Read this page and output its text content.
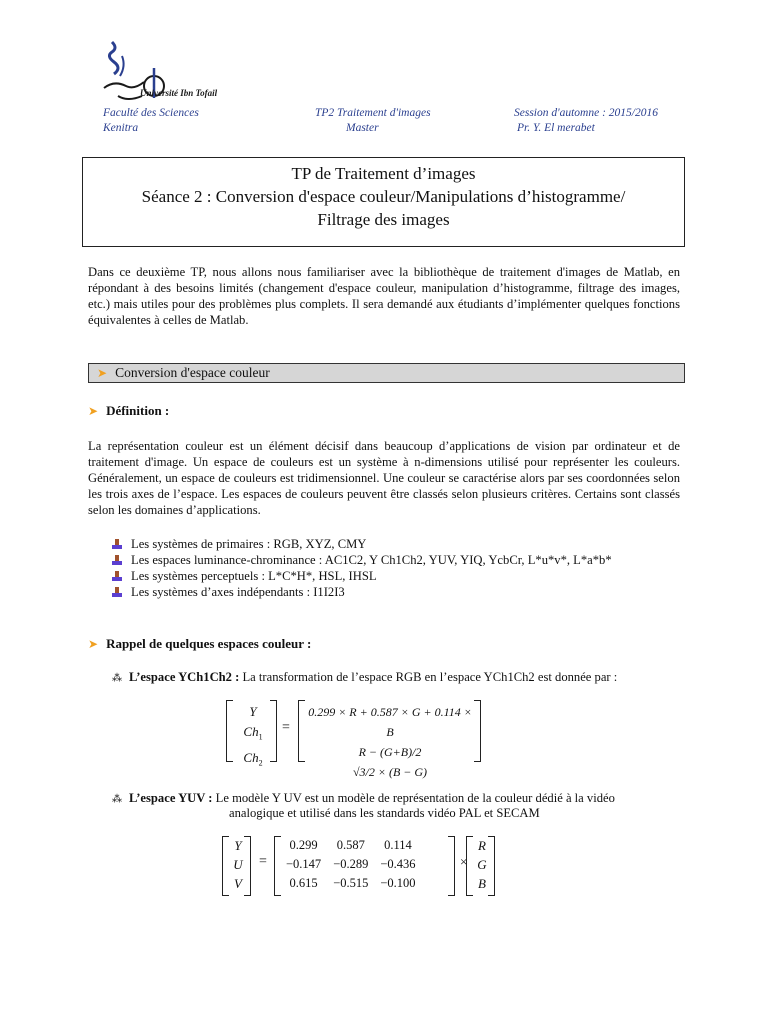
Université Ibn Tofail
Faculté des Sciences
Kenitra
TP2 Traitement d'images
Master
Session d'automne : 2015/2016
Pr. Y. El merabet
TP de Traitement d’images
Séance 2 : Conversion d'espace couleur/Manipulations d’histogramme/
Filtrage des images
Dans ce deuxième TP, nous allons nous familiariser avec la bibliothèque de traitement d'images de Matlab, en répondant à des besoins limités (changement d'espace couleur, manipulation d’histogramme, filtrage des images, etc.) mais utiles pour des problèmes plus complets. Il sera demandé aux étudiants d’implémenter quelques fonctions équivalentes à celles de Matlab.
➤ Conversion d'espace couleur
➤ Définition :
La représentation couleur est un élément décisif dans beaucoup d’applications de vision par ordinateur et de traitement d'image. Un espace de couleurs est un système à n-dimensions utilisé pour représenter les couleurs. Généralement, un espace de couleurs est tridimensionnel. Une couleur se caractérise alors par ses coordonnées selon les trois axes de l’espace. Les espaces de couleurs peuvent être classés selon plusieurs critères. Certains sont classés selon les domaines d’applications.
Les systèmes de primaires : RGB, XYZ, CMY
Les espaces luminance-chrominance : AC1C2, Y Ch1Ch2, YUV, YIQ, YcbCr, L*u*v*, L*a*b*
Les systèmes perceptuels : L*C*H*, HSL, IHSL
Les systèmes d’axes indépendants : I1I2I3
➤ Rappel de quelques espaces couleur :
⁂ L’espace YCh1Ch2 : La transformation de l’espace RGB en l’espace YCh1Ch2 est donnée par :
Y
$Ch_1$
$Ch_2$
=
0.299 × R + 0.587 × G + 0.114 × B
R − (G+B)/2
√3/2 × (B − G)
⁂ L’espace YUV : Le modèle Y UV est un modèle de représentation de la couleur dédié à la vidéo
analogique et utilisé dans les standards vidéo PAL et SECAM
Y
U
V
=
0.299	0.587	0.114
−0.147	−0.289	−0.436
0.615	−0.515	−0.100
×
R
G
B
